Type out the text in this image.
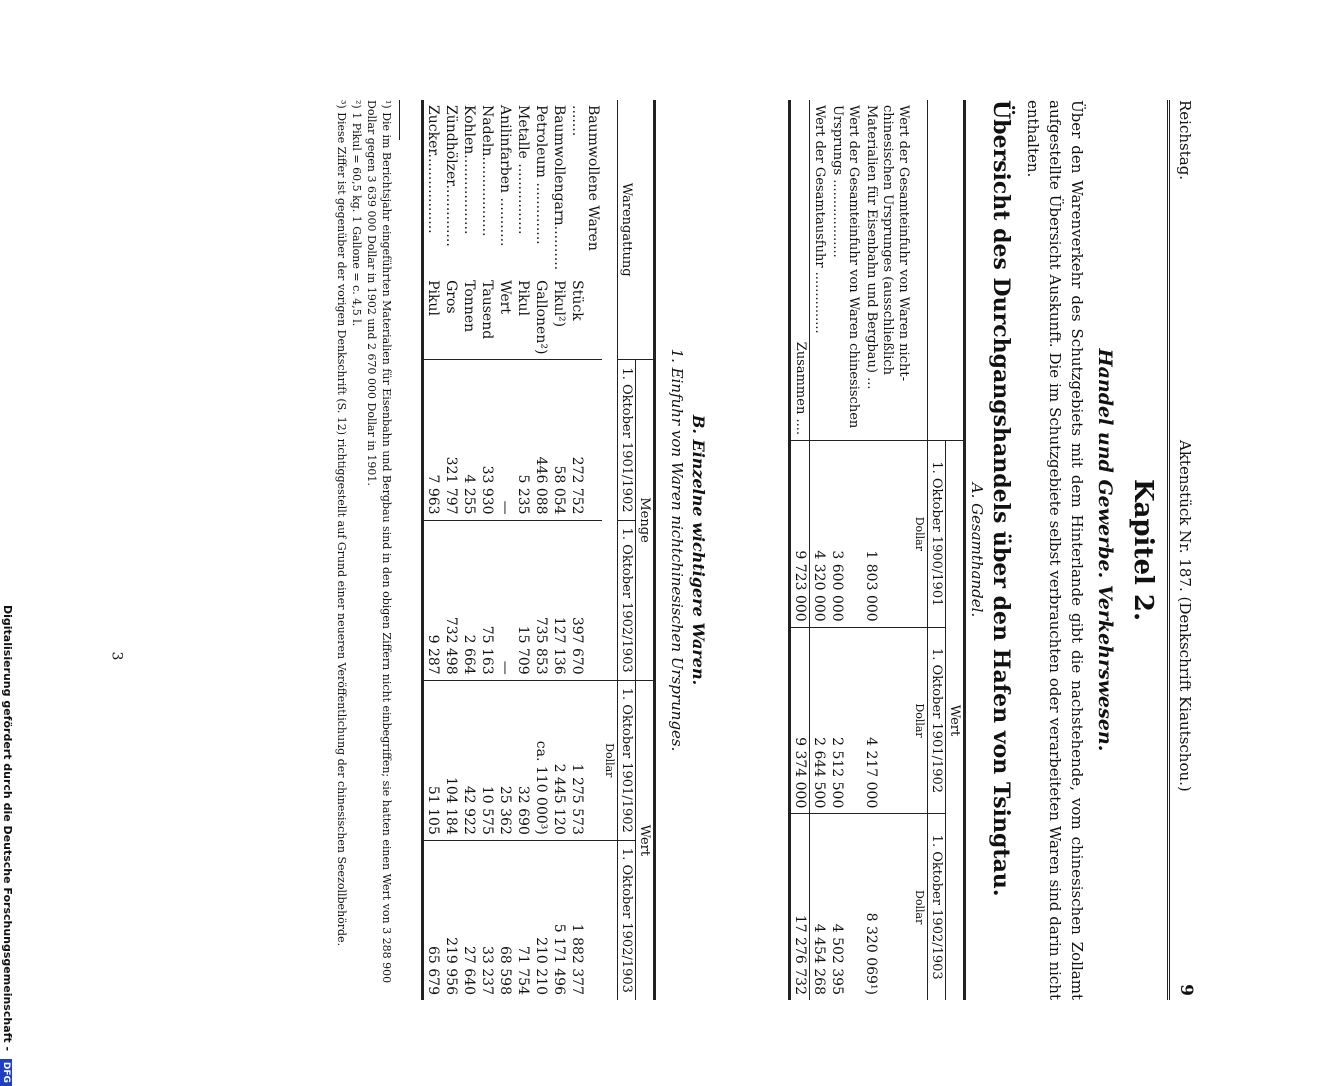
Reichstag.
Aktenstück Nr. 187. (Denkschrift Kiautschou.)
9
Kapitel 2.
Handel und Gewerbe. Verkehrswesen.
Über den Warenverkehr des Schutzgebiets mit dem Hinterlande gibt die nachstehende, vom chinesischen Zollamt aufgestellte Übersicht Auskunft. Die im Schutzgebiete selbst verbrauchten oder verarbeiteten Waren sind darin nicht enthalten.
Übersicht des Durchgangshandels über den Hafen von Tsingtau.
A. Gesamthandel.
	Wert		
	1. Oktober 1900/1901	1. Oktober 1901/1902	1. Oktober 1902/1903
	Dollar	Dollar	Dollar
Wert der Gesamteinfuhr von Waren nicht-chinesischen Ursprunges (ausschließlich Materialien für Eisenbahn und Bergbau) ...	1 803 000	4 217 000	8 320 069¹)
Wert der Gesamteinfuhr von Waren chinesischen Ursprungs ...................	3 600 000	2 512 500	4 502 395
Wert der Gesamtausfuhr ...............	4 320 000	2 644 500	4 454 268
Zusammen ....	9 723 000	9 374 000	17 276 732
B. Einzelne wichtigere Waren.
1. Einfuhr von Waren nichtchinesischen Ursprunges.
Warengattung		Menge		Wert	
		1. Oktober 1901/1902	1. Oktober 1902/1903	1. Oktober 1901/1902	1. Oktober 1902/1903
				Dollar	
Baumwollene Waren .......	Stück	272 752	397 670	1 275 573	1 882 377
Baumwollengarn..........	Pikul²)	58 054	127 136	2 445 120	5 171 496
Petroleum ..............	Gallonen²)	446 088	735 853	ca. 110 000³)	210 210
Metalle ................	Pikul	5 235	15 709	32 690	71 754
Anilinfarben ...........	Wert	—	—	25 362	68 598
Nadeln..................	Tausend	33 930	75 163	10 575	33 237
Kohlen..................	Tonnen	4 255	2 664	42 922	27 640
Zündhölzer..............	Gros	321 797	732 498	104 184	219 956
Zucker..................	Pikul	7 963	9 287	51 105	65 679
¹) Die im Berichtsjahr eingeführten Materialien für Eisenbahn und Bergbau sind in den obigen Ziffern nicht einbegriffen; sie hatten einen Wert von 3 288 900 Dollar gegen 3 639 000 Dollar in 1902 und 2 670 000 Dollar in 1901.
²) 1 Pikul = 60,5 kg. 1 Gallone = c. 4,5 l.
³) Diese Ziffer ist gegenüber der vorigen Denkschrift (S. 12) richtiggestellt auf Grund einer neueren Veröffentlichung der chinesischen Seezollbehörde.
3
Digitalisierung gefördert durch die Deutsche Forschungsgemeinschaft - DFG
